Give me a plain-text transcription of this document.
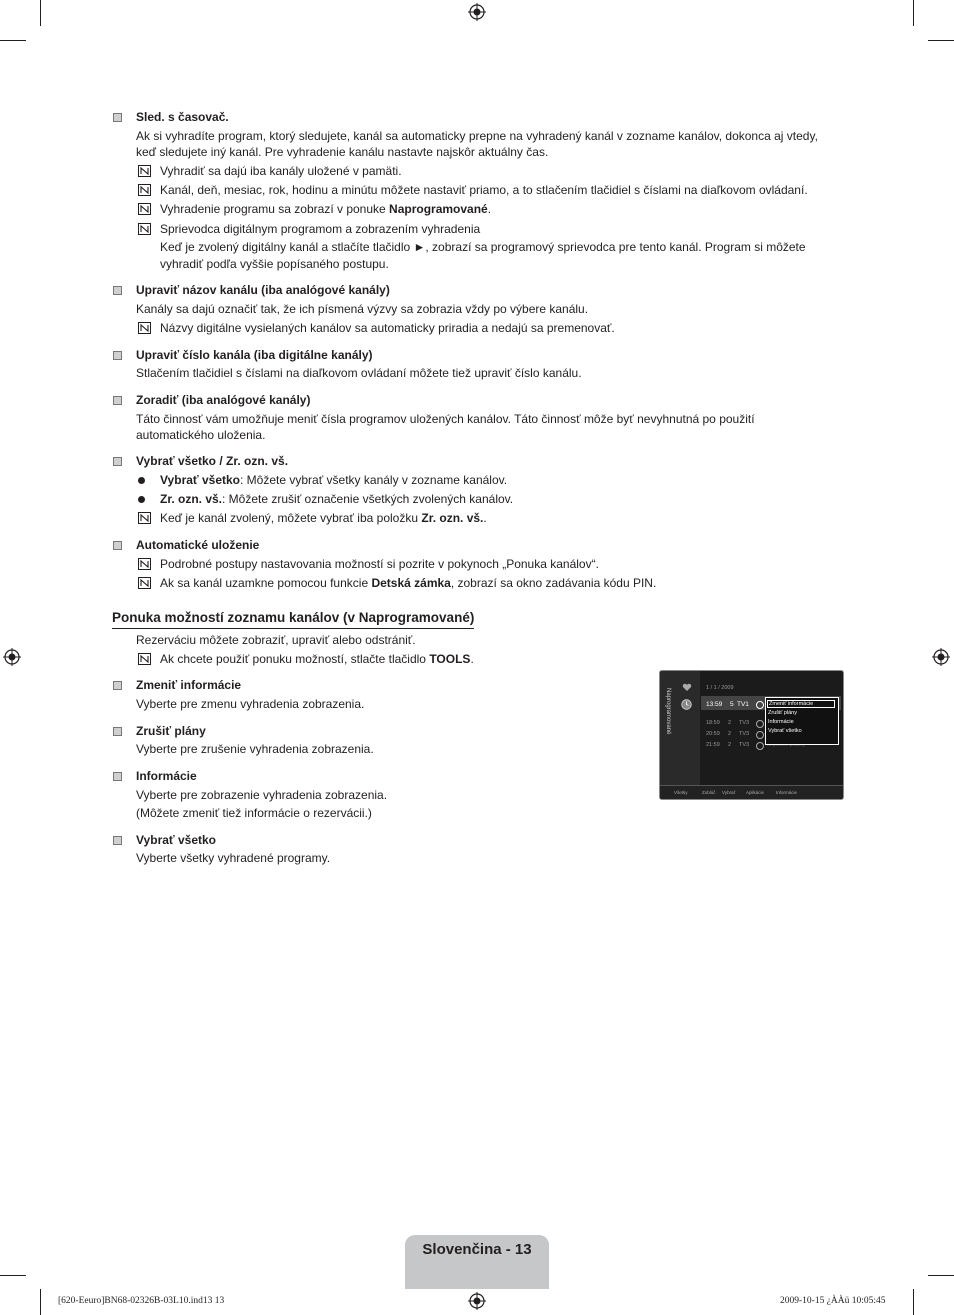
Sled. s časovač.
Ak si vyhradíte program, ktorý sledujete, kanál sa automaticky prepne na vyhradený kanál v zozname kanálov, dokonca aj vtedy,
keď sledujete iný kanál. Pre vyhradenie kanálu nastavte najskôr aktuálny čas.
Vyhradiť sa dajú iba kanály uložené v pamäti.
Kanál, deň, mesiac, rok, hodinu a minútu môžete nastaviť priamo, a to stlačením tlačidiel s číslami na diaľkovom ovládaní.
Vyhradenie programu sa zobrazí v ponuke Naprogramované.
Sprievodca digitálnym programom a zobrazením vyhradenia
Keď je zvolený digitálny kanál a stlačíte tlačidlo ►, zobrazí sa programový sprievodca pre tento kanál. Program si môžete
vyhradiť podľa vyššie popísaného postupu.
Upraviť názov kanálu (iba analógové kanály)
Kanály sa dajú označiť tak, že ich písmená výzvy sa zobrazia vždy po výbere kanálu.
Názvy digitálne vysielaných kanálov sa automaticky priradia a nedajú sa premenovať.
Upraviť číslo kanála (iba digitálne kanály)
Stlačením tlačidiel s číslami na diaľkovom ovládaní môžete tiež upraviť číslo kanálu.
Zoradiť (iba analógové kanály)
Táto činnosť vám umožňuje meniť čísla programov uložených kanálov. Táto činnosť môže byť nevyhnutná po použití
automatického uloženia.
Vybrať všetko / Zr. ozn. vš.
Vybrať všetko: Môžete vybrať všetky kanály v zozname kanálov.
Zr. ozn. vš.: Môžete zrušiť označenie všetkých zvolených kanálov.
Keď je kanál zvolený, môžete vybrať iba položku Zr. ozn. vš..
Automatické uloženie
Podrobné postupy nastavovania možností si pozrite v pokynoch „Ponuka kanálov“.
Ak sa kanál uzamkne pomocou funkcie Detská zámka, zobrazí sa okno zadávania kódu PIN.
Ponuka možností zoznamu kanálov (v Naprogramované)
Rezerváciu môžete zobraziť, upraviť alebo odstrániť.
Ak chcete použiť ponuku možností, stlačte tlačidlo TOOLS.
Zmeniť informácie
Vyberte pre zmenu vyhradenia zobrazenia.
Zrušiť plány
Vyberte pre zrušenie vyhradenia zobrazenia.
Informácie
Vyberte pre zobrazenie vyhradenia zobrazenia.
(Môžete zmeniť tiež informácie o rezervácii.)
Vybrať všetko
Vyberte všetky vyhradené programy.
Naprogramované	1 / 1 / 2009
13:59 5 TV1
18:59 2 TV3
20:59 2 TV3
21:59 2 TV3
Zmeniť informácie
Zrušiť plány
Informácie
Vybrať všetko
Všetky	Zoblúč Vybrať Aplikácie	Informácie
Slovenčina - 13
[620-Eeuro]BN68-02326B-03L10.ind13 13	2009-10-15 ¿ÀÀü 10:05:45
